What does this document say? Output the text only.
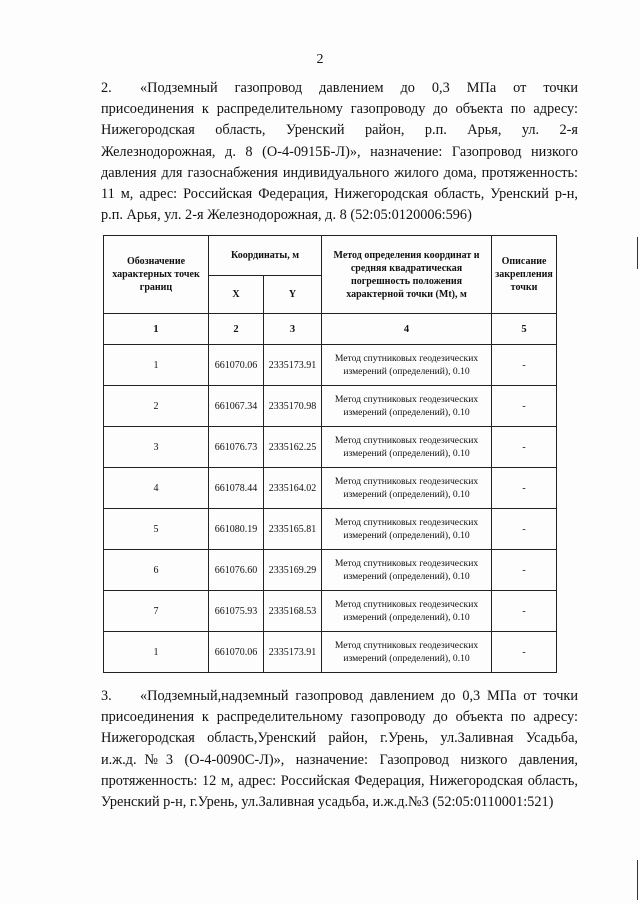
2

2. «Подземный газопровод давлением до 0,3 МПа от точки
присоединения к распределительному газопроводу до объекта по адресу:
Нижегородская область, Уренский район, р.п. Арья, ул. 2-я
Железнодорожная, д. 8 (О-4-0915Б-Л)», назначение: Газопровод низкого
давления для газоснабжения индивидуального жилого дома, протяженность:
11 м, адрес: Российская Федерация, Нижегородская область, Уренский р-н,
р.п. Арья, ул. 2-я Железнодорожная, д. 8 (52:05:0120006:596)

Обозначение характерных точек границ	Координаты, м		Метод определения координат и средняя квадратическая погрешность положения характерной точки (Mt), м	Описание закрепления точки
	X	Y		
1	2	3	4	5
1	661070.06	2335173.91	Метод спутниковых геодезических измерений (определений), 0.10	-
2	661067.34	2335170.98	Метод спутниковых геодезических измерений (определений), 0.10	-
3	661076.73	2335162.25	Метод спутниковых геодезических измерений (определений), 0.10	-
4	661078.44	2335164.02	Метод спутниковых геодезических измерений (определений), 0.10	-
5	661080.19	2335165.81	Метод спутниковых геодезических измерений (определений), 0.10	-
6	661076.60	2335169.29	Метод спутниковых геодезических измерений (определений), 0.10	-
7	661075.93	2335168.53	Метод спутниковых геодезических измерений (определений), 0.10	-
1	661070.06	2335173.91	Метод спутниковых геодезических измерений (определений), 0.10	-

3. «Подземный,надземный газопровод давлением до 0,3 МПа от точки
присоединения к распределительному газопроводу до объекта по адресу:
Нижегородская область,Уренский район, г.Урень, ул.Заливная Усадьба,
и.ж.д.№3 (О-4-0090С-Л)», назначение: Газопровод низкого давления,
протяженность: 12 м, адрес: Российская Федерация, Нижегородская область,
Уренский р-н, г.Урень, ул.Заливная усадьба, и.ж.д.№3 (52:05:0110001:521)
